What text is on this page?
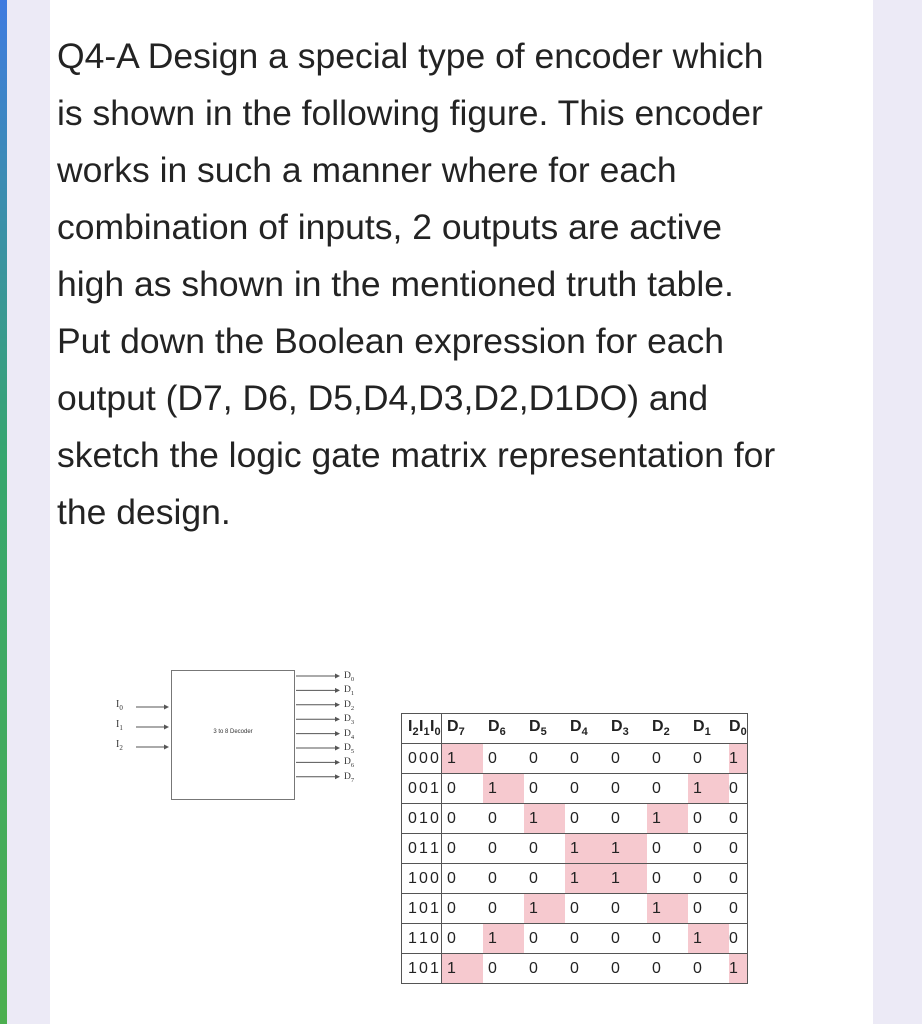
Q4-A Design a special type of encoder which is shown in the following figure. This encoder works in such a manner where for each combination of inputs, 2 outputs are active high as shown in the mentioned truth table. Put down the Boolean expression for each output (D7, D6, D5,D4,D3,D2,D1DO) and sketch the logic gate matrix representation for the design.

3 to 8 Decoder
$I_0$
$I_1$
$I_2$
$D_0$
$D_1$
$D_2$
$D_3$
$D_4$
$D_5$
$D_6$
$D_7$
$I_2$	$I_1$	$I_0$	$D_7$	$D_6$	$D_5$	$D_4$	$D_3$	$D_2$	$D_1$	$D_0$
0	0	0	1	0	0	0	0	0	0	1
0	0	1	0	1	0	0	0	0	1	0
0	1	0	0	0	1	0	0	1	0	0
0	1	1	0	0	0	1	1	0	0	0
1	0	0	0	0	0	1	1	0	0	0
1	0	1	0	0	1	0	0	1	0	0
1	1	0	0	1	0	0	0	0	1	0
1	0	1	1	0	0	0	0	0	0	1
